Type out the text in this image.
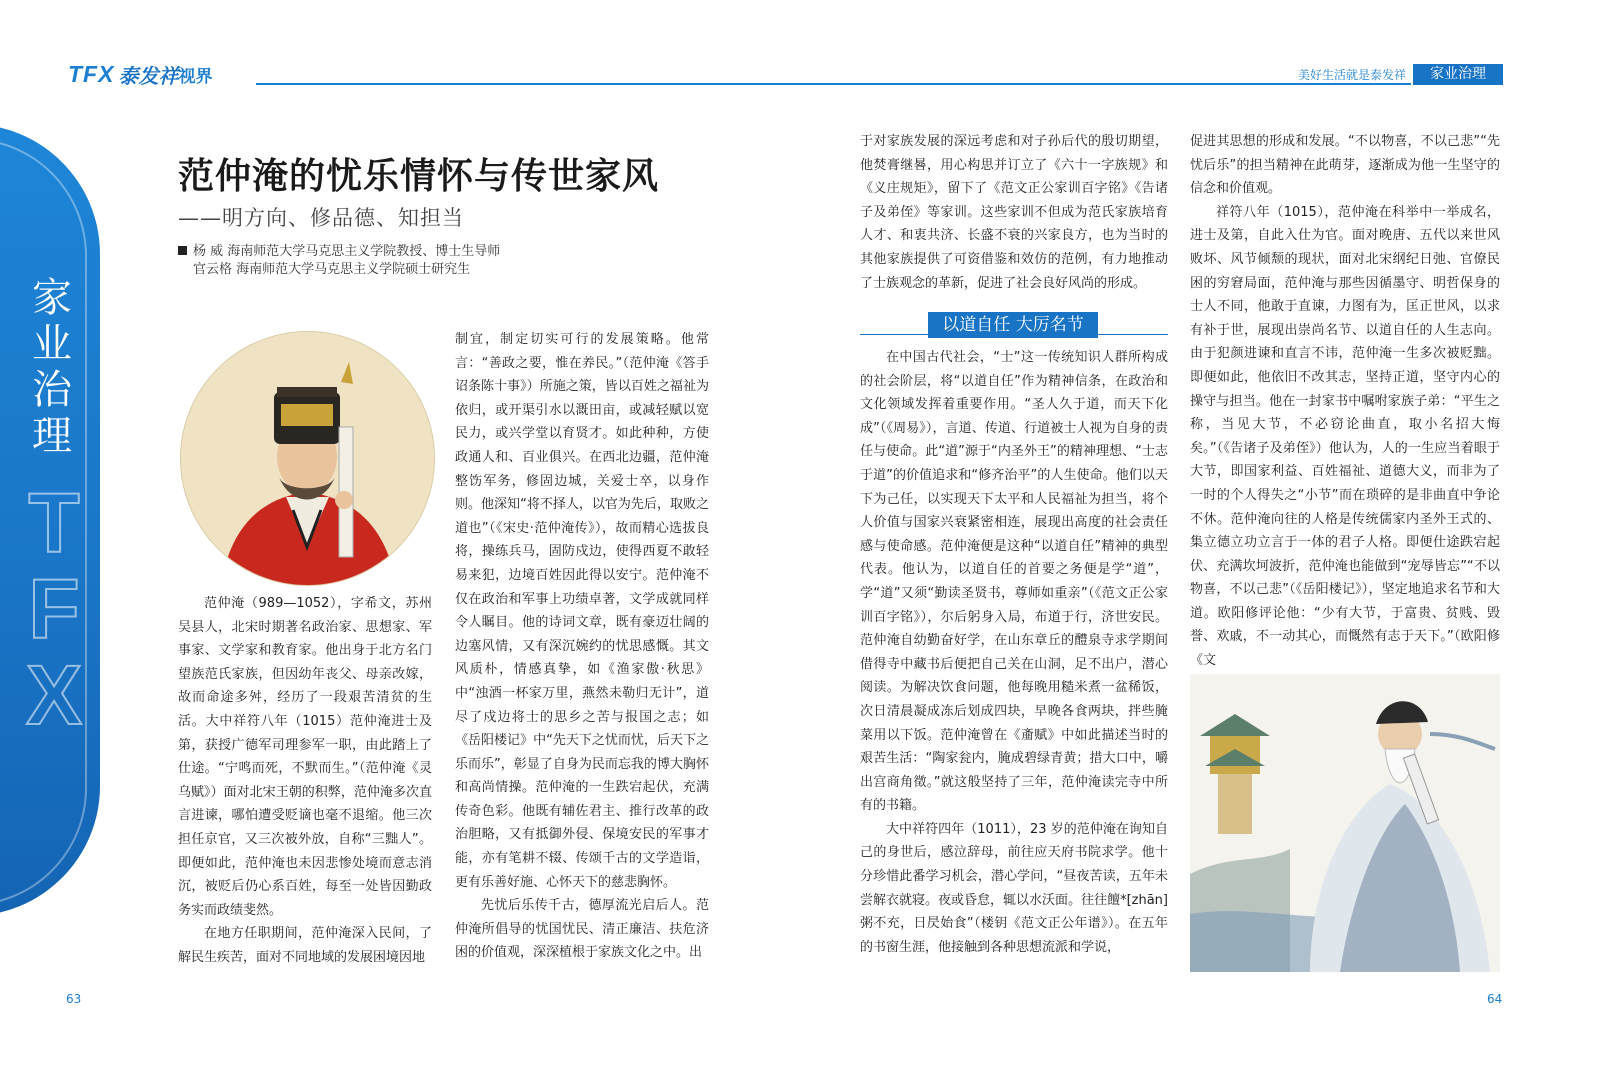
TFX 泰发祥 视界	美好生活就是泰发祥	家业治理
家业治理
T
F
X
范仲淹的忧乐情怀与传世家风
——明方向、修品德、知担当
杨 威 海南师范大学马克思主义学院教授、博士生导师
官云格 海南师范大学马克思主义学院硕士研究生

范仲淹（989—1052），字希文，苏州吴县人，北宋时期著名政治家、思想家、军事家、文学家和教育家。他出身于北方名门望族范氏家族，但因幼年丧父、母亲改嫁，故而命途多舛，经历了一段艰苦清贫的生活。大中祥符八年（1015）范仲淹进士及第，获授广德军司理参军一职，由此踏上了仕途。“宁鸣而死，不默而生。”（范仲淹《灵乌赋》）面对北宋王朝的积弊，范仲淹多次直言进谏，哪怕遭受贬谪也毫不退缩。他三次担任京官，又三次被外放，自称“三黜人”。即便如此，范仲淹也未因悲惨处境而意志消沉，被贬后仍心系百姓，每至一处皆因勤政务实而政绩斐然。

在地方任职期间，范仲淹深入民间，了解民生疾苦，面对不同地域的发展困境因地

制宜，制定切实可行的发展策略。他常言：“善政之要，惟在养民。”（范仲淹《答手诏条陈十事》）所施之策，皆以百姓之福祉为依归，或开渠引水以溉田亩，或减轻赋以宽民力，或兴学堂以育贤才。如此种种，方使政通人和、百业俱兴。在西北边疆，范仲淹整饬军务，修固边城，关爱士卒，以身作则。他深知“将不择人，以官为先后，取败之道也”（《宋史·范仲淹传》），故而精心选拔良将，操练兵马，固防戍边，使得西夏不敢轻易来犯，边境百姓因此得以安宁。范仲淹不仅在政治和军事上功绩卓著，文学成就同样令人瞩目。他的诗词文章，既有豪迈壮阔的边塞风情，又有深沉婉约的忧思感慨。其文风质朴，情感真挚，如《渔家傲·秋思》中“浊酒一杯家万里，燕然未勒归无计”，道尽了戍边将士的思乡之苦与报国之志；如《岳阳楼记》中“先天下之忧而忧，后天下之乐而乐”，彰显了自身为民而忘我的博大胸怀和高尚情操。范仲淹的一生跌宕起伏，充满传奇色彩。他既有辅佐君主、推行改革的政治胆略，又有抵御外侵、保境安民的军事才能，亦有笔耕不辍、传颂千古的文学造诣，更有乐善好施、心怀天下的慈悲胸怀。

先忧后乐传千古，德厚流光启后人。范仲淹所倡导的忧国忧民、清正廉洁、扶危济困的价值观，深深植根于家族文化之中。出

于对家族发展的深远考虑和对子孙后代的殷切期望，他焚膏继晷，用心构思并订立了《六十一字族规》和《义庄规矩》，留下了《范文正公家训百字铭》《告诸子及弟侄》等家训。这些家训不但成为范氏家族培育人才、和衷共济、长盛不衰的兴家良方，也为当时的其他家族提供了可资借鉴和效仿的范例，有力地推动了士族观念的革新，促进了社会良好风尚的形成。

以道自任 大厉名节

在中国古代社会，“士”这一传统知识人群所构成的社会阶层，将“以道自任”作为精神信条，在政治和文化领域发挥着重要作用。“圣人久于道，而天下化成”（《周易》），言道、传道、行道被士人视为自身的责任与使命。此“道”源于“内圣外王”的精神理想、“士志于道”的价值追求和“修齐治平”的人生使命。他们以天下为己任，以实现天下太平和人民福祉为担当，将个人价值与国家兴衰紧密相连，展现出高度的社会责任感与使命感。范仲淹便是这种“以道自任”精神的典型代表。他认为，以道自任的首要之务便是学“道”，学“道”又须“勤读圣贤书，尊师如重亲”（《范文正公家训百字铭》），尔后躬身入局，布道于行，济世安民。范仲淹自幼勤奋好学，在山东章丘的醴泉寺求学期间借得寺中藏书后便把自己关在山洞，足不出户，潜心阅读。为解决饮食问题，他每晚用糙米煮一盆稀饭，次日清晨凝成冻后划成四块，早晚各食两块，拌些腌菜用以下饭。范仲淹曾在《齑赋》中如此描述当时的艰苦生活：“陶家瓮内，腌成碧绿青黄；措大口中，嚼出宫商角徵。”就这般坚持了三年，范仲淹读完寺中所有的书籍。

大中祥符四年（1011），23 岁的范仲淹在询知自己的身世后，感泣辞母，前往应天府书院求学。他十分珍惜此番学习机会，潜心学问，“昼夜苦读，五年未尝解衣就寝。夜或昏怠，辄以水沃面。往往饘*[zhān]粥不充，日昃始食”（楼钥《范文正公年谱》）。在五年的书窗生涯，他接触到各种思想流派和学说，

促进其思想的形成和发展。“不以物喜，不以己悲”“先忧后乐”的担当精神在此萌芽，逐渐成为他一生坚守的信念和价值观。

祥符八年（1015），范仲淹在科举中一举成名，进士及第，自此入仕为官。面对晚唐、五代以来世风败坏、风节倾颓的现状，面对北宋纲纪日弛、官僚民困的穷窘局面，范仲淹与那些因循墨守、明哲保身的士人不同，他敢于直谏，力图有为，匡正世风，以求有补于世，展现出崇尚名节、以道自任的人生志向。由于犯颜进谏和直言不讳，范仲淹一生多次被贬黜。即便如此，他依旧不改其志，坚持正道，坚守内心的操守与担当。他在一封家书中嘱咐家族子弟：“平生之称，当见大节，不必窃论曲直，取小名招大悔矣。”（《告诸子及弟侄》）他认为，人的一生应当着眼于大节，即国家利益、百姓福祉、道德大义，而非为了一时的个人得失之“小节”而在琐碎的是非曲直中争论不休。范仲淹向往的人格是传统儒家内圣外王式的、集立德立功立言于一体的君子人格。即便仕途跌宕起伏、充满坎坷波折，范仲淹也能做到“宠辱皆忘”“不以物喜，不以己悲”（《岳阳楼记》），坚定地追求名节和大道。欧阳修评论他：“少有大节，于富贵、贫贱、毁誉、欢戚，不一动其心，而慨然有志于天下。”（欧阳修《文

63	64
